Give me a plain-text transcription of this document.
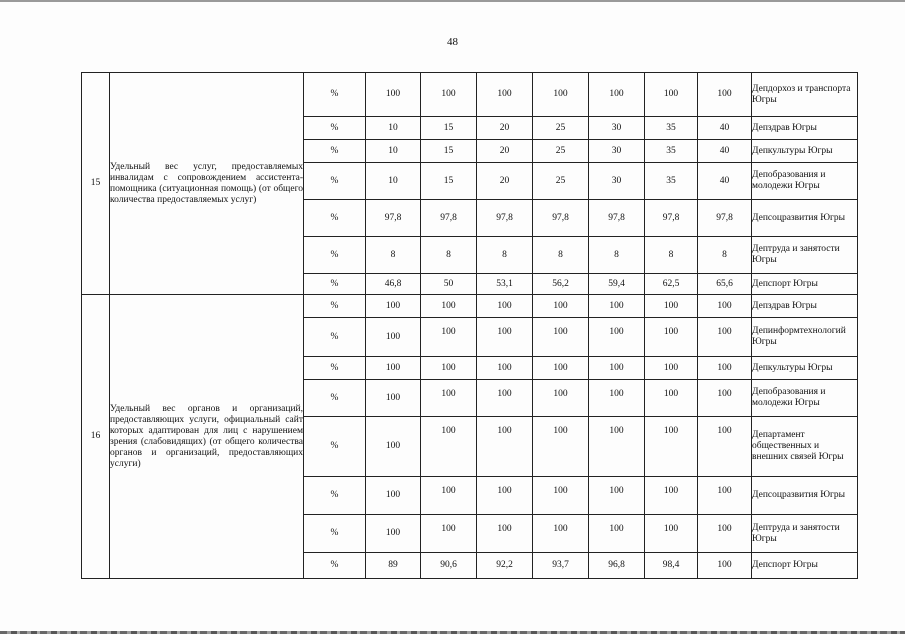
48
15	Удельный вес услуг, предоставляемых инвалидам с сопровождением ассистента-помощника (ситуационная помощь) (от общего количества предоставляемых услуг)	%	100	100	100	100	100	100	100	Депдорхоз и транспорта Югры
		%	10	15	20	25	30	35	40	Депздрав Югры
		%	10	15	20	25	30	35	40	Депкультуры Югры
		%	10	15	20	25	30	35	40	Депобразования и молодежи Югры
		%	97,8	97,8	97,8	97,8	97,8	97,8	97,8	Депсоцразвития Югры
		%	8	8	8	8	8	8	8	Дептруда и занятости Югры
		%	46,8	50	53,1	56,2	59,4	62,5	65,6	Депспорт Югры
16	Удельный вес органов и организаций, предоставляющих услуги, официальный сайт которых адаптирован для лиц с нарушением зрения (слабовидящих) (от общего количества органов и организаций, предоставляющих услуги)	%	100	100	100	100	100	100	100	Депздрав Югры
		%	100	100	100	100	100	100	100	Депинформтехнологий Югры
		%	100	100	100	100	100	100	100	Депкультуры Югры
		%	100	100	100	100	100	100	100	Депобразования и молодежи Югры
		%	100	100	100	100	100	100	100	Департамент общественных и внешних связей Югры
		%	100	100	100	100	100	100	100	Депсоцразвития Югры
		%	100	100	100	100	100	100	100	Дептруда и занятости Югры
		%	89	90,6	92,2	93,7	96,8	98,4	100	Депспорт Югры
